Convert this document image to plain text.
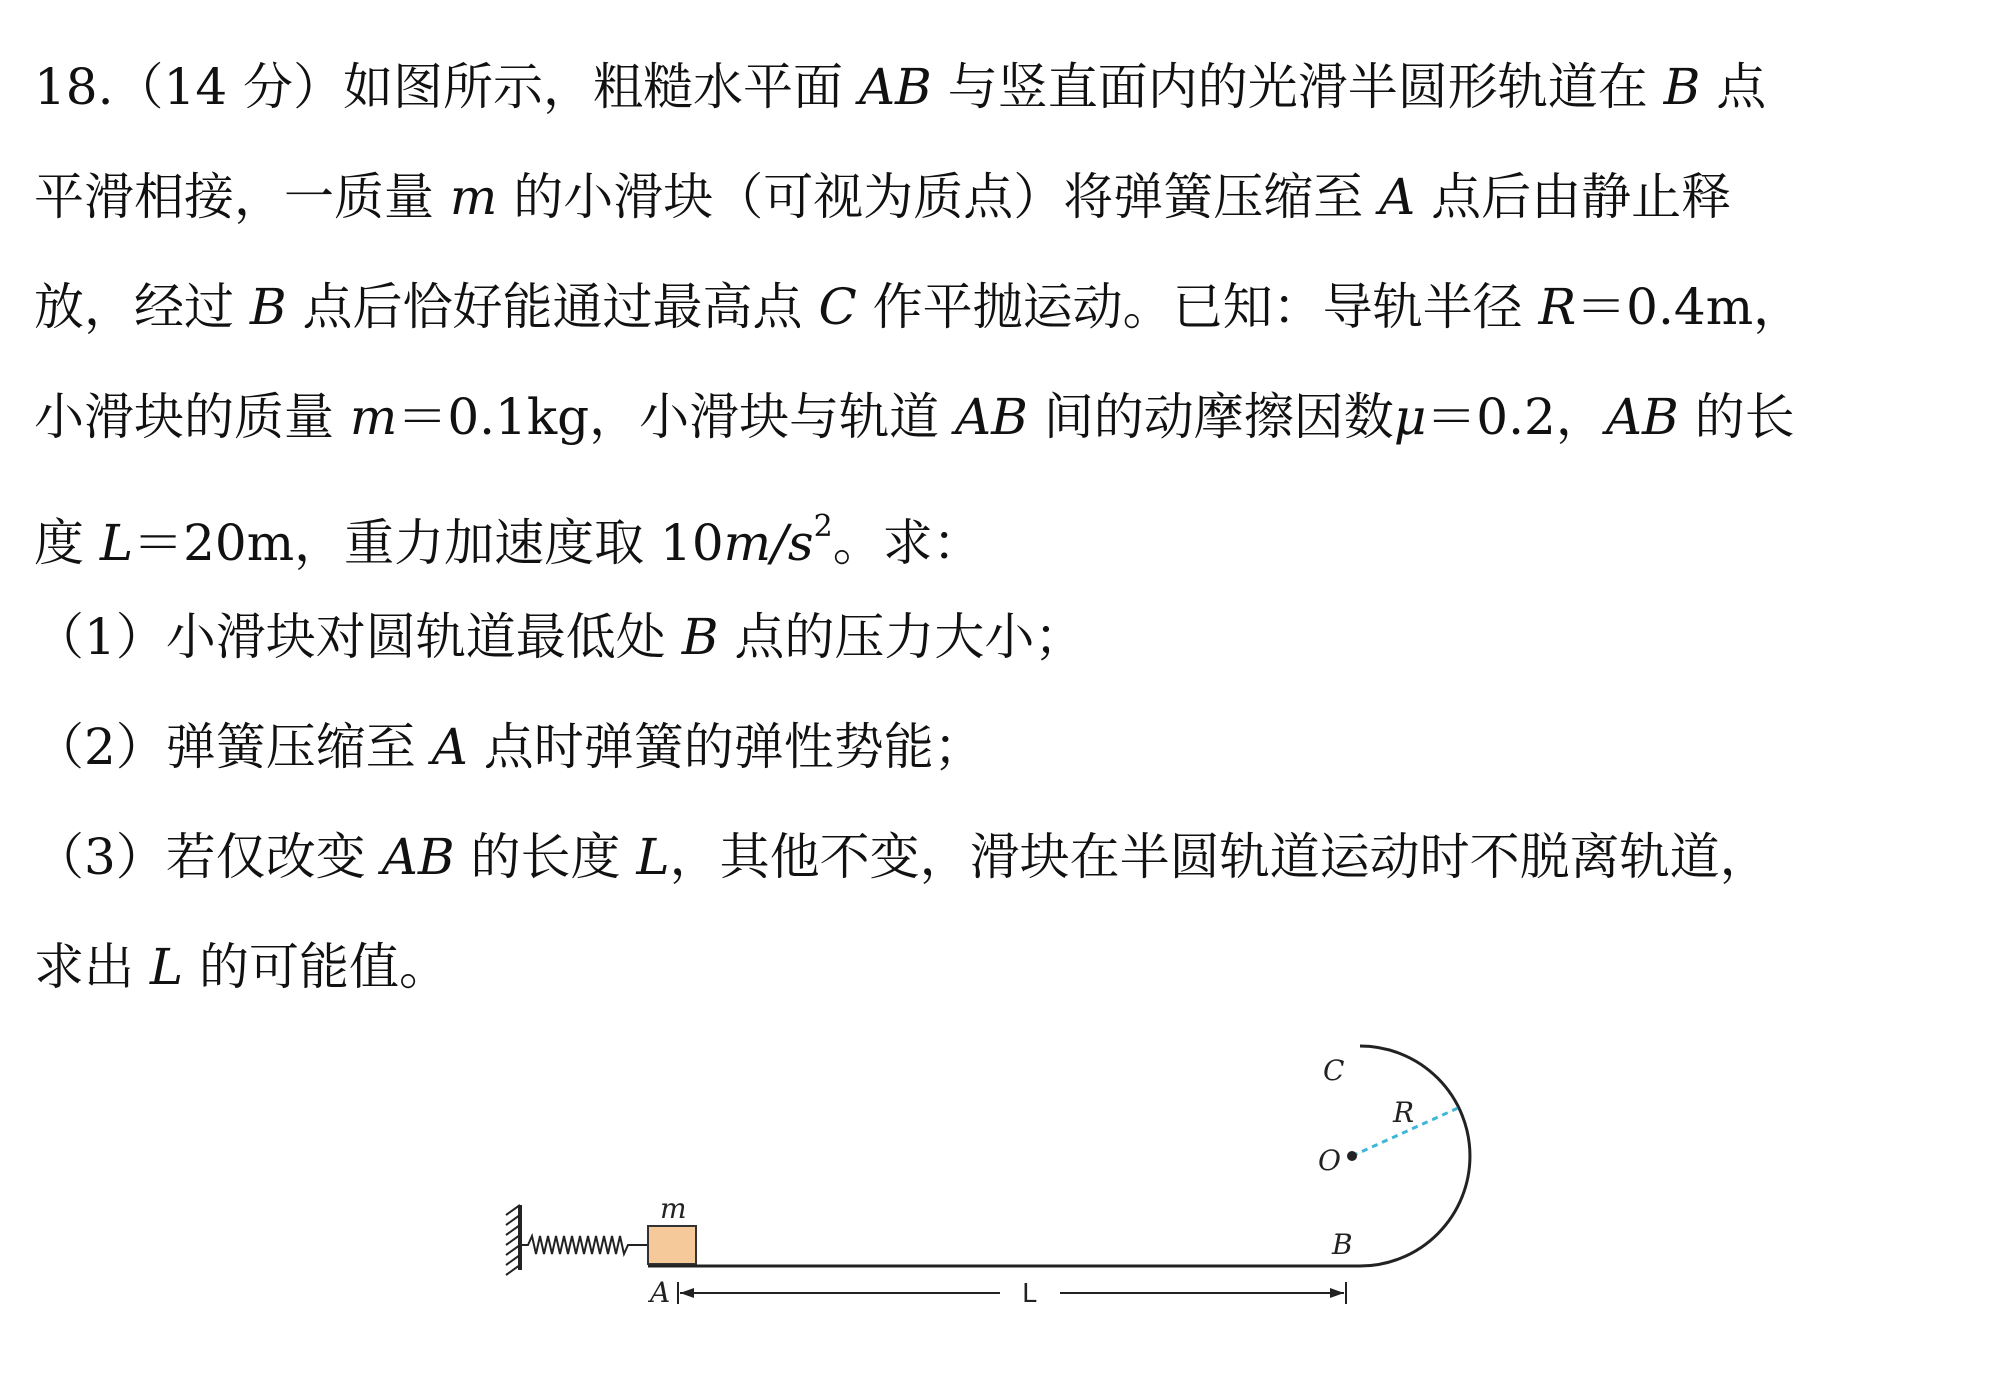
18.（14 分）如图所示，粗糙水平面 AB 与竖直面内的光滑半圆形轨道在 B 点
平滑相接，一质量 m 的小滑块（可视为质点）将弹簧压缩至 A 点后由静止释
放，经过 B 点后恰好能通过最高点 C 作平抛运动。已知：导轨半径 R＝0.4m，
小滑块的质量 m＝0.1kg，小滑块与轨道 AB 间的动摩擦因数μ＝0.2，AB 的长
度 L＝20m，重力加速度取 $10m/s^2$。求：
（1）小滑块对圆轨道最低处 B 点的压力大小；
（2）弹簧压缩至 A 点时弹簧的弹性势能；
（3）若仅改变 AB 的长度 L，其他不变，滑块在半圆轨道运动时不脱离轨道，
求出 L 的可能值。
m
C
R
O
B
A	L
